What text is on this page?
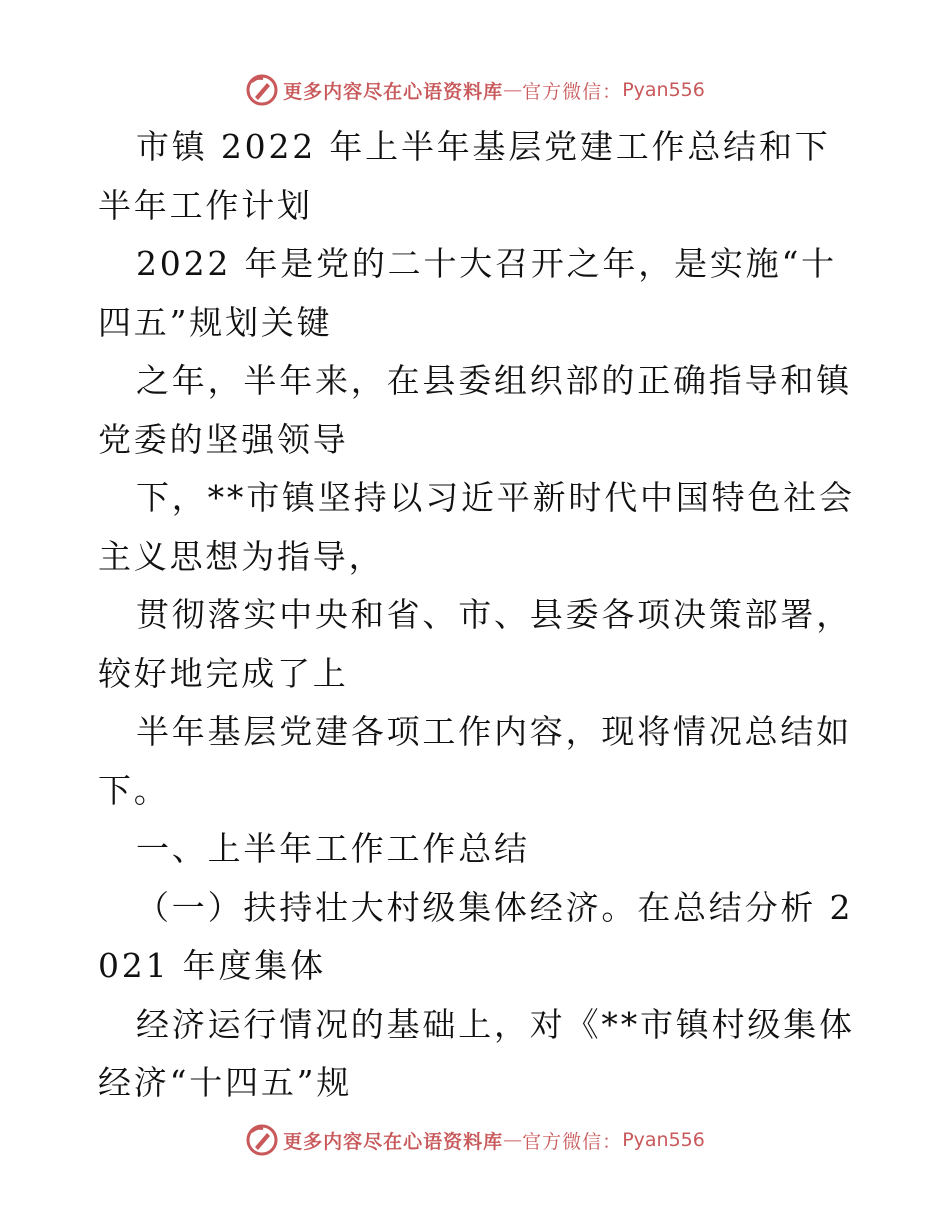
更多内容尽在心语资料库 — 官方微信： Pyan556

市镇 2022 年上半年基层党建工作总结和下半年工作计划

2022 年是党的二十大召开之年，是实施“十四五”规划关键

之年，半年来，在县委组织部的正确指导和镇党委的坚强领导

下，**市镇坚持以习近平新时代中国特色社会主义思想为指导，

贯彻落实中央和省、市、县委各项决策部署，较好地完成了上

半年基层党建各项工作内容，现将情况总结如下。

一、上半年工作工作总结

（一）扶持壮大村级集体经济。在总结分析 2021 年度集体

经济运行情况的基础上，对《**市镇村级集体经济“十四五”规

更多内容尽在心语资料库 — 官方微信： Pyan556
